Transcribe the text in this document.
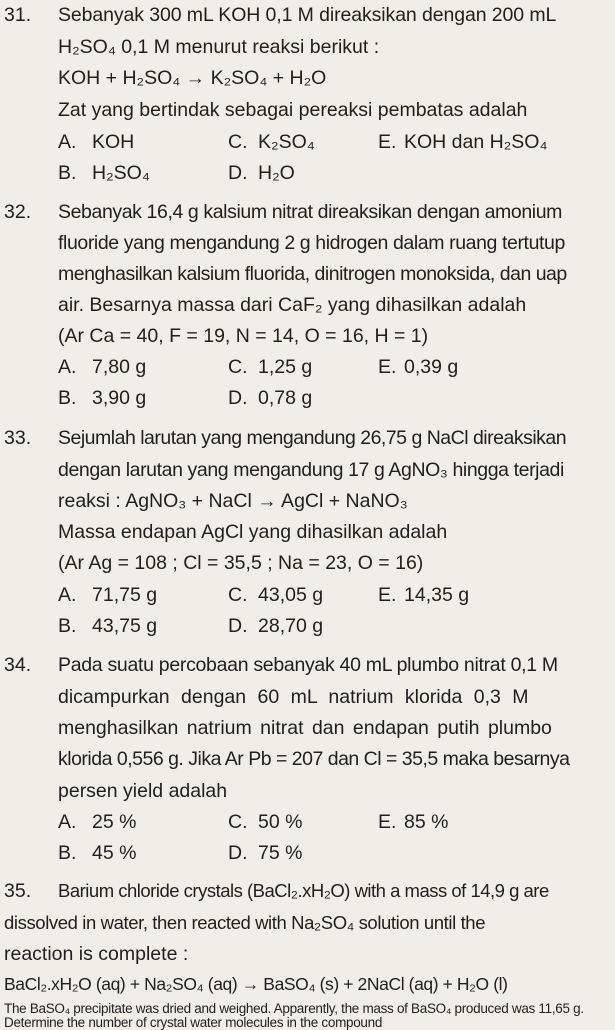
31. Sebanyak 300 mL KOH 0,1 M direaksikan dengan 200 mL
H₂SO₄ 0,1 M menurut reaksi berikut :
KOH + H₂SO₄ → K₂SO₄ + H₂O
Zat yang bertindak sebagai pereaksi pembatas adalah
A. KOH	C. K₂SO₄	E. KOH dan H₂SO₄
B. H₂SO₄	D. H₂O
32. Sebanyak 16,4 g kalsium nitrat direaksikan dengan amonium
fluoride yang mengandung 2 g hidrogen dalam ruang tertutup
menghasilkan kalsium fluorida, dinitrogen monoksida, dan uap
air. Besarnya massa dari CaF₂ yang dihasilkan adalah
(Ar Ca = 40, F = 19, N = 14, O = 16, H = 1)
A. 7,80 g	C. 1,25 g	E. 0,39 g
B. 3,90 g	D. 0,78 g
33. Sejumlah larutan yang mengandung 26,75 g NaCl direaksikan
dengan larutan yang mengandung 17 g AgNO₃ hingga terjadi
reaksi : AgNO₃ + NaCl → AgCl + NaNO₃
Massa endapan AgCl yang dihasilkan adalah
(Ar Ag = 108 ; Cl = 35,5 ; Na = 23, O = 16)
A. 71,75 g	C. 43,05 g	E. 14,35 g
B. 43,75 g	D. 28,70 g
34. Pada suatu percobaan sebanyak 40 mL plumbo nitrat 0,1 M
dicampurkan dengan 60 mL natrium klorida 0,3 M
menghasilkan natrium nitrat dan endapan putih plumbo
klorida 0,556 g. Jika Ar Pb = 207 dan Cl = 35,5 maka besarnya
persen yield adalah
A. 25 %	C. 50 %	E. 85 %
B. 45 %	D. 75 %
35. Barium chloride crystals (BaCl₂.xH₂O) with a mass of 14,9 g are
dissolved in water, then reacted with Na₂SO₄ solution until the
reaction is complete :
BaCl₂.xH₂O (aq) + Na₂SO₄ (aq) → BaSO₄ (s) + 2NaCl (aq) + H₂O (l)
The BaSO₄ precipitate was dried and weighed. Apparently, the mass of BaSO₄ produced was 11,65 g. Determine the number of crystal water molecules in the compound
